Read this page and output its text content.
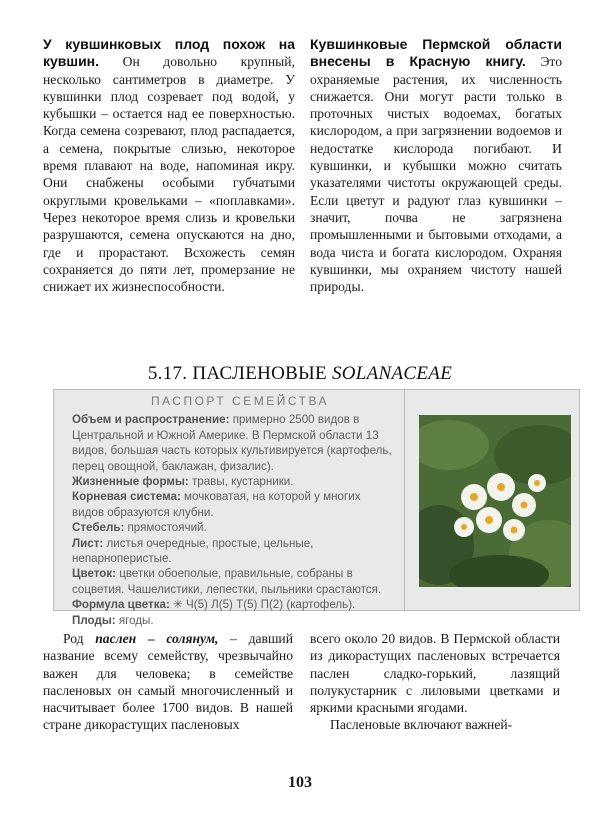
У кувшинковых плод похож на кувшин. Он довольно крупный, несколько сантиметров в диаметре. У кувшинки плод созревает под водой, у кубышки – остается над ее поверхностью. Когда семена созревают, плод распадается, а семена, покрытые слизью, некоторое время плавают на воде, напоминая икру. Они снабжены особыми губчатыми округлыми кровельками – «поплавками». Через некоторое время слизь и кровельки разрушаются, семена опускаются на дно, где и прорастают. Всхожесть семян сохраняется до пяти лет, промерзание не снижает их жизнеспособности.

Кувшинковые Пермской области внесены в Красную книгу. Это охраняемые растения, их численность снижается. Они могут расти только в проточных чистых водоемах, богатых кислородом, а при загрязнении водоемов и недостатке кислорода погибают. И кувшинки, и кубышки можно считать указателями чистоты окружающей среды. Если цветут и радуют глаз кувшинки – значит, почва не загрязнена промышленными и бытовыми отходами, а вода чиста и богата кислородом. Охраняя кувшинки, мы охраняем чистоту нашей природы.

5.17. ПАСЛЕНОВЫЕ SOLANACEAE
ПАСПОРТ СЕМЕЙСТВА
Объем и распространение: примерно 2500 видов в Центральной и Южной Америке. В Пермской области 13 видов, большая часть которых культивируется (картофель, перец овощной, баклажан, физалис).
Жизненные формы: травы, кустарники.
Корневая система: мочковатая, на которой у многих видов образуются клубни.
Стебель: прямостоячий.
Лист: листья очередные, простые, цельные, непарноперистые.
Цветок: цветки обоеполые, правильные, собраны в соцветия. Чашелистики, лепестки, пыльники срастаются.
Формула цветка: ✳ Ч(5) Л(5) Т(5) П(2) (картофель).
Плоды: ягоды.

Род паслен – солянум, – давший название всему семейству, чрезвычайно важен для человека; в семействе пасленовых он самый многочисленный и насчитывает более 1700 видов. В нашей стране дикорастущих пасленовых

всего около 20 видов. В Пермской области из дикорастущих пасленовых встречается паслен сладко-горький, лазящий полукустарник с лиловыми цветками и яркими красными ягодами.

Пасленовые включают важней-

103
